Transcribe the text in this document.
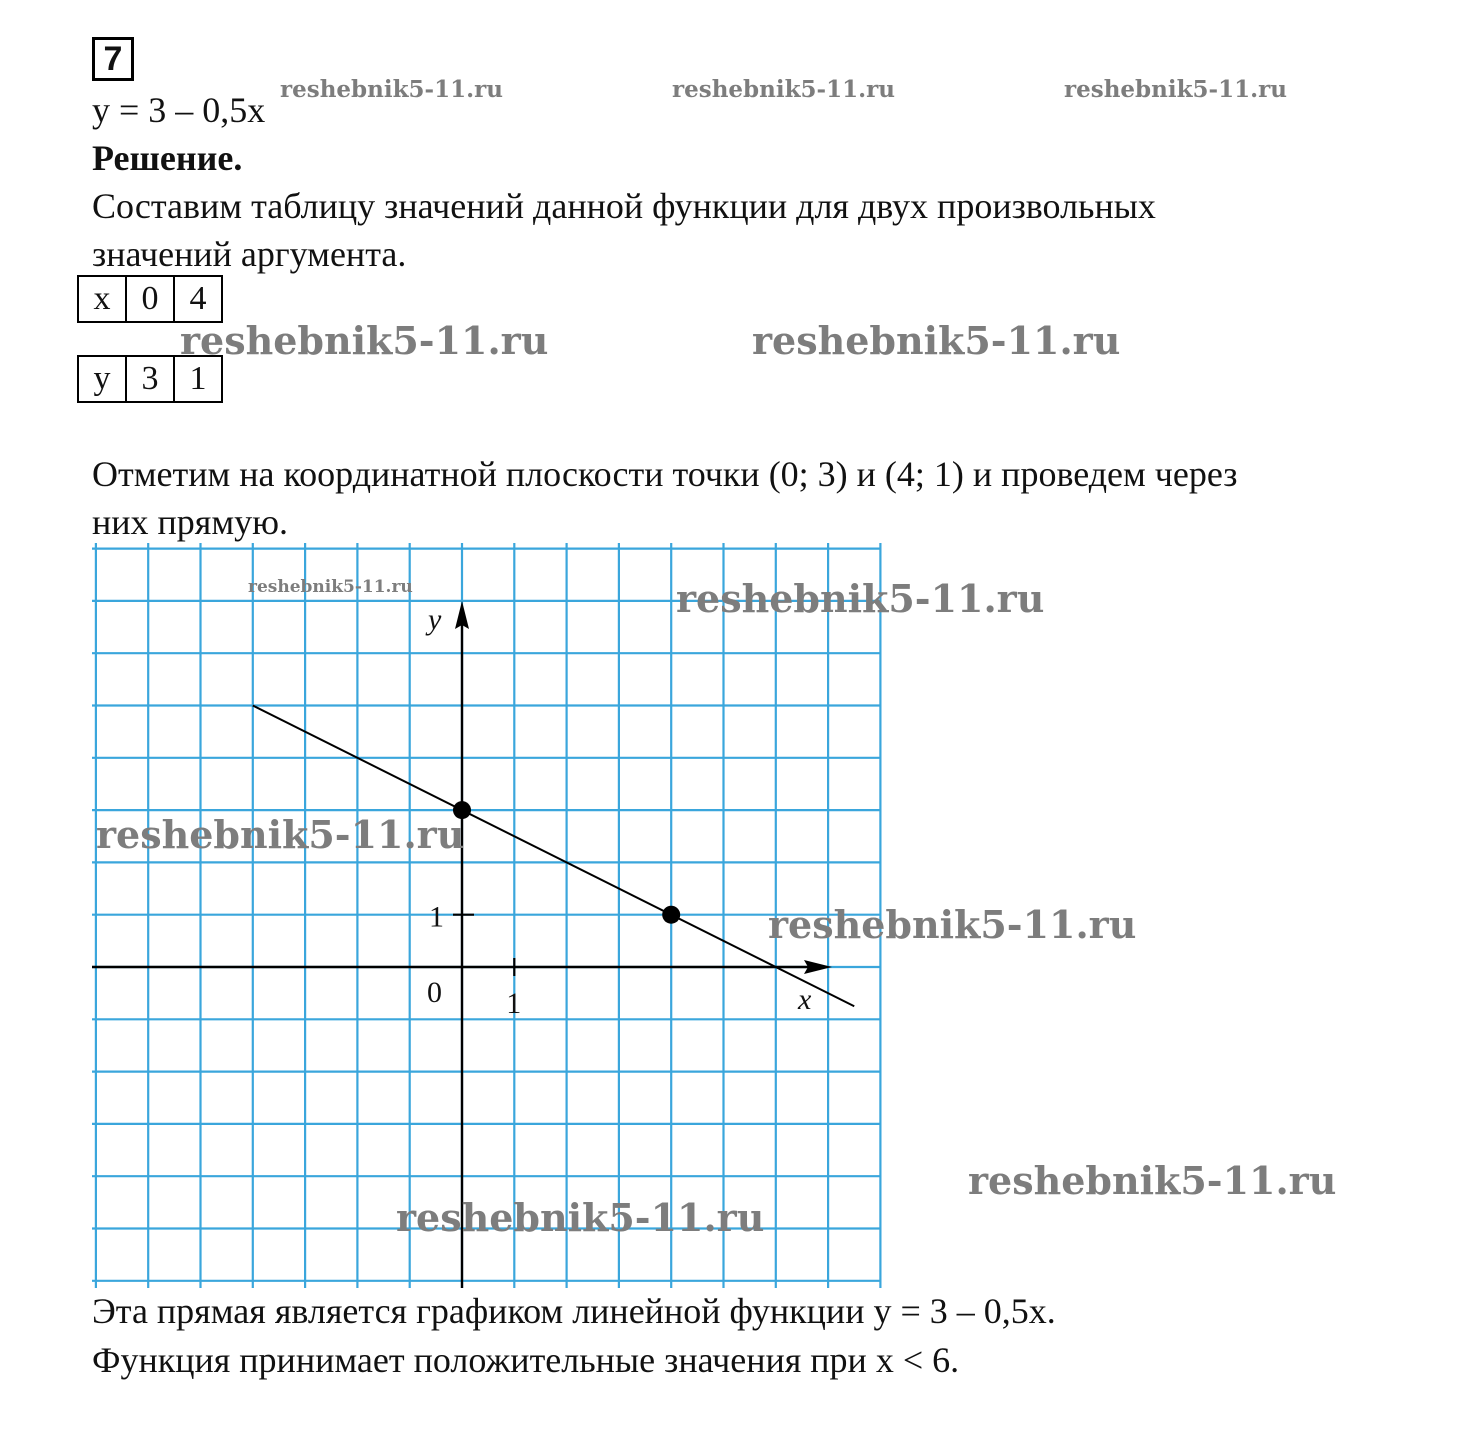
7
y = 3 – 0,5x
Решение.
Составим таблицу значений данной функции для двух произвольных
значений аргумента.
x	0	4
y	3	1
Отметим на координатной плоскости точки (0; 3) и (4; 1) и проведем через
них прямую.
0 1
1
x
y
Эта прямая является графиком линейной функции y = 3 – 0,5x.
Функция принимает положительные значения при x < 6.
reshebnik5-11.ru	reshebnik5-11.ru	reshebnik5-11.ru
reshebnik5-11.ru	reshebnik5-11.ru
reshebnik5-11.ru	reshebnik5-11.ru
reshebnik5-11.ru
reshebnik5-11.ru
reshebnik5-11.ru
reshebnik5-11.ru
